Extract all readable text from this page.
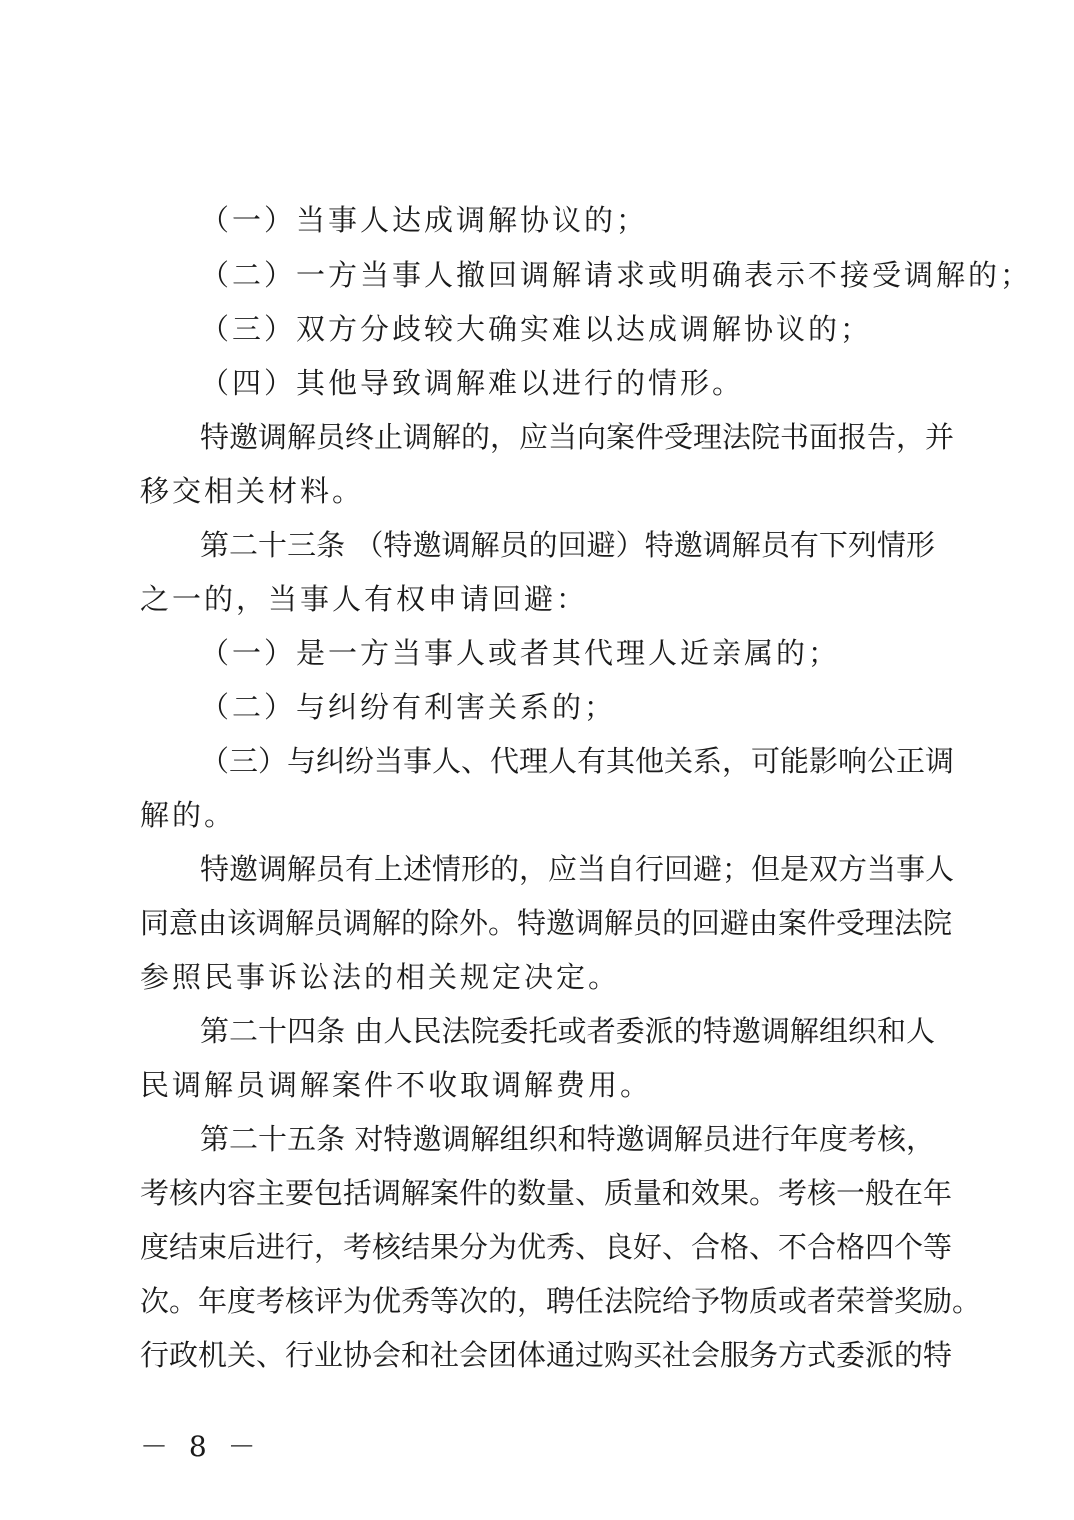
（一）当事人达成调解协议的；
（二）一方当事人撤回调解请求或明确表示不接受调解的；
（三）双方分歧较大确实难以达成调解协议的；
（四）其他导致调解难以进行的情形。
特邀调解员终止调解的，应当向案件受理法院书面报告，并
移交相关材料。
第二十三条 （特邀调解员的回避）特邀调解员有下列情形
之一的，当事人有权申请回避：
（一）是一方当事人或者其代理人近亲属的；
（二）与纠纷有利害关系的；
（三）与纠纷当事人、代理人有其他关系，可能影响公正调
解的。
特邀调解员有上述情形的，应当自行回避；但是双方当事人
同意由该调解员调解的除外。特邀调解员的回避由案件受理法院
参照民事诉讼法的相关规定决定。
第二十四条 由人民法院委托或者委派的特邀调解组织和人
民调解员调解案件不收取调解费用。
第二十五条 对特邀调解组织和特邀调解员进行年度考核，
考核内容主要包括调解案件的数量、质量和效果。考核一般在年
度结束后进行，考核结果分为优秀、良好、合格、不合格四个等
次。年度考核评为优秀等次的，聘任法院给予物质或者荣誉奖励。
行政机关、行业协会和社会团体通过购买社会服务方式委派的特
－ 8 －
